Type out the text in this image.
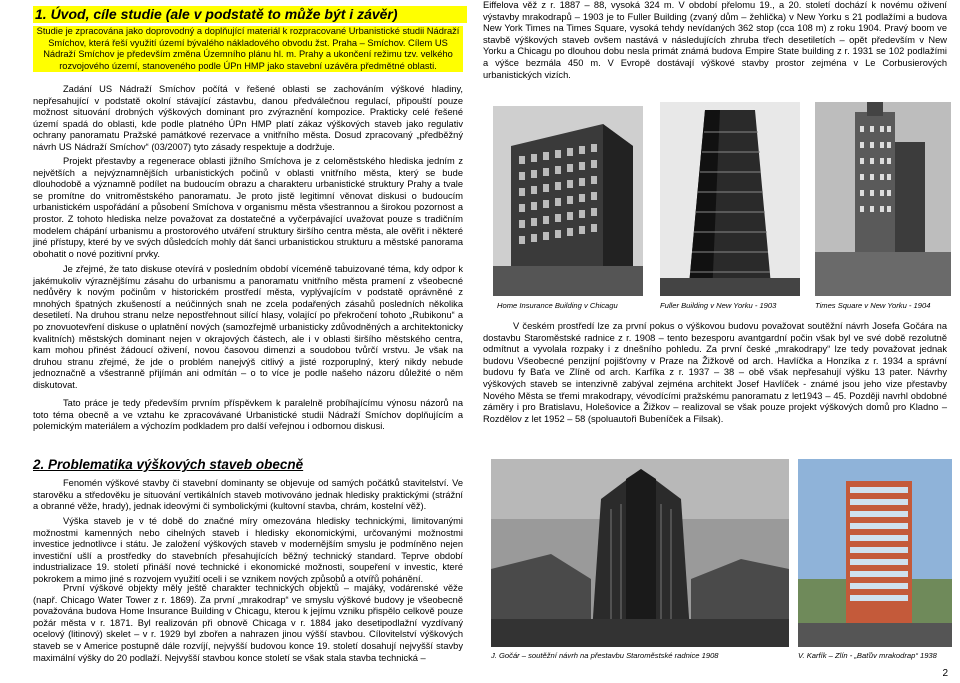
1. Úvod, cíle studie (ale v podstatě to může být i závěr)

Studie je zpracována jako doprovodný a doplňující materiál k rozpracované Urbanistické studii Nádraží Smíchov, která řeší využití území bývalého nákladového obvodu žst. Praha – Smíchov. Cílem US Nádraží Smíchov je především změna Územního plánu hl. m. Prahy a ukončení režimu tzv. velkého rozvojového území, stanoveného podle ÚPn HMP jako stavební uzávěra předmětné oblasti.

Zadání US Nádraží Smíchov počítá v řešené oblasti se zachováním výškové hladiny, nepřesahující v podstatě okolní stávající zástavbu, danou předválečnou regulací, připouští pouze možnost situování drobných výškových dominant pro zvýraznění kompozice. Prakticky celé řešené území spadá do oblasti, kde podle platného ÚPn HMP platí zákaz výškových staveb jako regulativ ochrany panoramatu Pražské památkové rezervace a vnitřního města. Dosud zpracovaný „předběžný návrh US Nádraží Smíchov“ (03/2007) tyto zásady respektuje a dodržuje.

Projekt přestavby a regenerace oblasti jižního Smíchova je z celoměstského hlediska jedním z největších a nejvýznamnějších urbanistických počinů v oblasti vnitřního města, který se bude dlouhodobě a významně podílet na budoucím obrazu a charakteru urbanistické struktury Prahy a tvale se promítne do vnitroměstského panoramatu. Je proto jistě legitimní věnovat diskusi o budoucím urbanistickém uspořádání a působení Smíchova v organismu města všestrannou a širokou pozornost a prostor. Z tohoto hlediska nelze považovat za dostatečné a vyčerpávající uvažovat pouze s tradičním modelem chápání urbanismu a prostorového utváření struktury širšího centra města, ale ověřit i některé jiné přístupy, které by ve svých důsledcích mohly dát šanci urbanistickou strukturu a městské panorama obohatit o nové pozitivní prvky.

Je zřejmé, že tato diskuse otevírá v posledním období víceméně tabuizované téma, kdy odpor k jakémukoliv výraznějšímu zásahu do urbanismu a panoramatu vnitřního města pramení z všeobecné nedůvěry k novým počinům v historickém prostředí města, vyplývajícím v podstatě oprávněné z mnohých špatných zkušeností a neúčinných snah ne zcela podařených zásahů posledních několika desetiletí. Na druhou stranu nelze nepostřehnout silící hlasy, volající po překročení tohoto „Rubikonu“ a po znovuotevření diskuse o uplatnění nových (samozřejmě urbanisticky zdůvodněných a architektonicky kvalitních) městských dominant nejen v okrajových částech, ale i v oblasti širšího městského centra, kam mohou přinést žádoucí oživení, novou časovou dimenzi a soudobou tvůrčí vrstvu. Je však na druhou stranu zřejmé, že jde o problém nanejvýš citlivý a jisté rozporuplný, který nikdy nebude jednoznačně a všestranně přijímán ani odmítán – o to více je podle našeho názoru důležité o něm diskutovat.

Tato práce je tedy především prvním příspěvkem k paralelně probíhajícímu výnosu názorů na toto téma obecně a ve vztahu ke zpracovávané Urbanistické studii Nádraží Smíchov doplňujícím a polemickým materiálem a výchozím podkladem pro další veřejnou i odbornou diskusi.

2. Problematika výškových staveb obecně

Fenomén výškové stavby či stavební dominanty se objevuje od samých počátků stavitelství. Ve starověku a středověku je situování vertikálních staveb motivováno jednak hlediskу praktickými (strážní a obranné věže, hrady), jednak ideovými či symbolickými (kultovní stavba, chrám, kostelní věž).

Výška staveb je v té době do značné míry omezována hlediskу technickými, limitovanými možnostmi kamenných nebo cihelných staveb i hledisky ekonomickými, určovanými možnostmi investice jednotlivce i státu. Je založení výškových staveb v modernějším smyslu je podmíněno nejen investiční ušlí a prostředky do stavebních přesahujících běžný technický standard. Teprve období industrializace 19. století přináší nové technické i ekonomické možnosti, soupeření v investic, které pokrokem a mimo jiné s rozvojem využití oceli i se vznikem nových způsobů a otvířů pohánění.

První výškové objekty měly ještě charakter technických objektů – majáky, vodárenské věže (např. Chicago Water Tower z r. 1869). Za první „mrakodrap“ ve smyslu výškové budovy je všeobecně považována budova Home Insurance Building v Chicagu, kterou k jejímu vzniku přispělo celkově pouze požár města v r. 1871. Byl realizován při obnově Chicaga v r. 1884 jako desetipodlažní vyzdívaný ocelový (litinový) skelet – v r. 1929 byl zbořen a nahrazen jinou výšší stavbou. Cílovitelství výškových staveb se v Americe postupně dále rozvíjí, nejvyšší budovou konce 19. století dosahují nejvyšší stavby maximální výšky do 20 podlaží. Nejvyšší stavbou konce století se však stala stavba technická –

Eiffelova věž z r. 1887 – 88, vysoká 324 m. V období přelomu 19., a 20. století dochází k novému oživení výstavby mrakodrapů – 1903 je to Fuller Building (zvaný dům – žehlička) v New Yorku s 21 podlažími a budova New York Times na Times Square, vysoká tehdy nevídaných 362 stop (cca 108 m) z roku 1904. Pravý boom ve stavbě výškových staveb ovšem nastává v následujících zhruba třech desetiletích – opět především v New Yorku a Chicagu po dlouhou dobu nesla primát známá budova Empire State building z r. 1931 se 102 podlažími a výšce bezmála 450 m. V Evropě dostávají výškové stavby prostor zejména v Le Corbusierových urbanistických vizích.

Home Insurance Building v Chicagu	Fuller Building v New Yorku - 1903	Times Square v New Yorku - 1904

V českém prostředí lze za první pokus o výškovou budovu považovat soutěžní návrh Josefa Gočára na dostavbu Staroměstské radnice z r. 1908 – tento bezesporu avantgardní počin však byl ve své době rezolutně odmítnut a vyvolala rozpaky i z dnešního pohledu. Za první české „mrakodrapy“ lze tedy považovat jednak budovu Všeobecné penzijní pojišťovny v Praze na Žižkově od arch. Havlíčka a Honzíka z r. 1934 a správní budovu fy Baťa ve Zlíně od arch. Karfíka z r. 1937 – 38 – obě však nepřesahují výšku 13 pater. Návrhy výškových staveb se intenzivně zabýval zejména architekt Josef Havlíček - známé jsou jeho vize přestavby Nového Města se třemi mrakodrapy, vévodícími pražskému panoramatu z let1943 – 45. Později navrhl obdobné záměry i pro Bratislavu, Holešovice a Žižkov – realizoval se však pouze projekt výškových domů pro Kladno – Rozdělov z let 1952 – 58 (spoluautoři Bubeníček a Filsak).

J. Gočár – soutěžní návrh na přestavbu Staroměstské radnice 1908	V. Karfík – Zlín - „Baťův mrakodrap“ 1938
2
